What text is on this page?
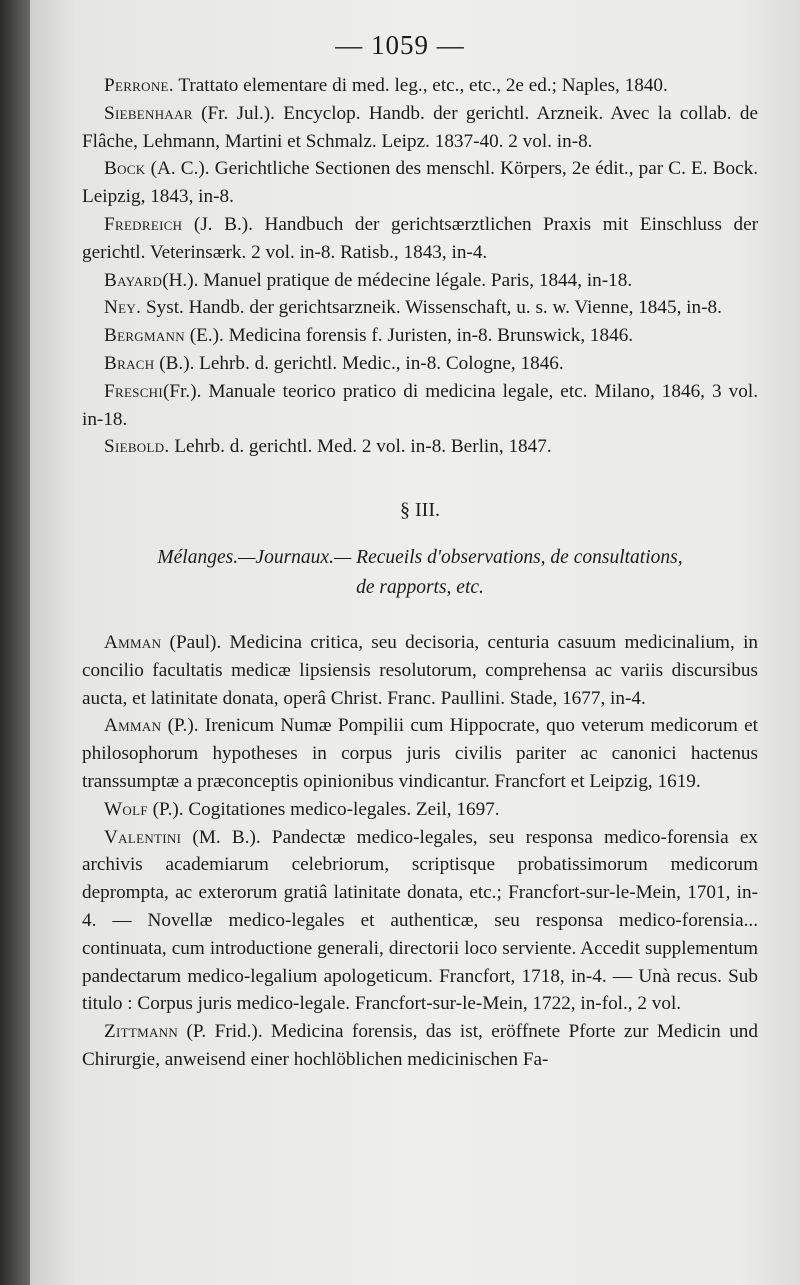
— 1059 —

Perrone. Trattato elementare di med. leg., etc., etc., 2e ed.; Naples, 1840.

Siebenhaar (Fr. Jul.). Encyclop. Handb. der gerichtl. Arzneik. Avec la collab. de Flâche, Lehmann, Martini et Schmalz. Leipz. 1837-40. 2 vol. in-8.

Bock (A. C.). Gerichtliche Sectionen des menschl. Körpers, 2e édit., par C. E. Bock. Leipzig, 1843, in-8.

Fredreich (J. B.). Handbuch der gerichtsærztlichen Praxis mit Einschluss der gerichtl. Veterinsærk. 2 vol. in-8. Ratisb., 1843, in-4.

Bayard(H.). Manuel pratique de médecine légale. Paris, 1844, in-18.

Ney. Syst. Handb. der gerichtsarzneik. Wissenschaft, u. s. w. Vienne, 1845, in-8.

Bergmann (E.). Medicina forensis f. Juristen, in-8. Brunswick, 1846.

Brach (B.). Lehrb. d. gerichtl. Medic., in-8. Cologne, 1846.

Freschi(Fr.). Manuale teorico pratico di medicina legale, etc. Milano, 1846, 3 vol. in-18.

Siebold. Lehrb. d. gerichtl. Med. 2 vol. in-8. Berlin, 1847.

§ III.
Mélanges.—Journaux.— Recueils d'observations, de consultations,
de rapports, etc.

Amman (Paul). Medicina critica, seu decisoria, centuria casuum medicinalium, in concilio facultatis medicæ lipsiensis resolutorum, comprehensa ac variis discursibus aucta, et latinitate donata, operâ Christ. Franc. Paullini. Stade, 1677, in-4.

Amman (P.). Irenicum Numæ Pompilii cum Hippocrate, quo veterum medicorum et philosophorum hypotheses in corpus juris civilis pariter ac canonici hactenus transsumptæ a præconceptis opinionibus vindicantur. Francfort et Leipzig, 1619.

Wolf (P.). Cogitationes medico-legales. Zeil, 1697.

Valentini (M. B.). Pandectæ medico-legales, seu responsa medico-forensia ex archivis academiarum celebriorum, scriptisque probatissimorum medicorum deprompta, ac exterorum gratiâ latinitate donata, etc.; Francfort-sur-le-Mein, 1701, in-4. — Novellæ medico-legales et authenticæ, seu responsa medico-forensia... continuata, cum introductione generali, directorii loco serviente. Accedit supplementum pandectarum medico-legalium apologeticum. Francfort, 1718, in-4. — Unà recus. Sub titulo : Corpus juris medico-legale. Francfort-sur-le-Mein, 1722, in-fol., 2 vol.

Zittmann (P. Frid.). Medicina forensis, das ist, eröffnete Pforte zur Medicin und Chirurgie, anweisend einer hochlöblichen medicinischen Fa-
